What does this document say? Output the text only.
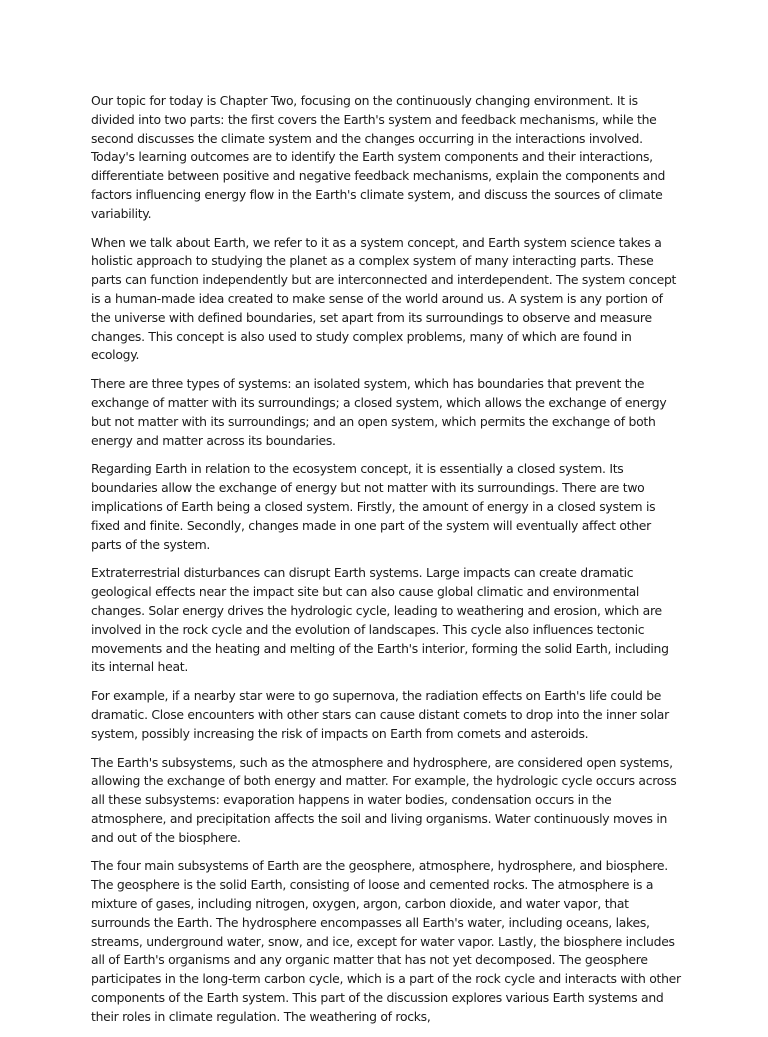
Our topic for today is Chapter Two, focusing on the continuously changing environment. It is divided into two parts: the first covers the Earth's system and feedback mechanisms, while the second discusses the climate system and the changes occurring in the interactions involved. Today's learning outcomes are to identify the Earth system components and their interactions, differentiate between positive and negative feedback mechanisms, explain the components and factors influencing energy flow in the Earth's climate system, and discuss the sources of climate variability.

When we talk about Earth, we refer to it as a system concept, and Earth system science takes a holistic approach to studying the planet as a complex system of many interacting parts. These parts can function independently but are interconnected and interdependent. The system concept is a human-made idea created to make sense of the world around us. A system is any portion of the universe with defined boundaries, set apart from its surroundings to observe and measure changes. This concept is also used to study complex problems, many of which are found in ecology.

There are three types of systems: an isolated system, which has boundaries that prevent the exchange of matter with its surroundings; a closed system, which allows the exchange of energy but not matter with its surroundings; and an open system, which permits the exchange of both energy and matter across its boundaries.

Regarding Earth in relation to the ecosystem concept, it is essentially a closed system. Its boundaries allow the exchange of energy but not matter with its surroundings. There are two implications of Earth being a closed system. Firstly, the amount of energy in a closed system is fixed and finite. Secondly, changes made in one part of the system will eventually affect other parts of the system.

Extraterrestrial disturbances can disrupt Earth systems. Large impacts can create dramatic geological effects near the impact site but can also cause global climatic and environmental changes. Solar energy drives the hydrologic cycle, leading to weathering and erosion, which are involved in the rock cycle and the evolution of landscapes. This cycle also influences tectonic movements and the heating and melting of the Earth's interior, forming the solid Earth, including its internal heat.

For example, if a nearby star were to go supernova, the radiation effects on Earth's life could be dramatic. Close encounters with other stars can cause distant comets to drop into the inner solar system, possibly increasing the risk of impacts on Earth from comets and asteroids.

The Earth's subsystems, such as the atmosphere and hydrosphere, are considered open systems, allowing the exchange of both energy and matter. For example, the hydrologic cycle occurs across all these subsystems: evaporation happens in water bodies, condensation occurs in the atmosphere, and precipitation affects the soil and living organisms. Water continuously moves in and out of the biosphere.

The four main subsystems of Earth are the geosphere, atmosphere, hydrosphere, and biosphere. The geosphere is the solid Earth, consisting of loose and cemented rocks. The atmosphere is a mixture of gases, including nitrogen, oxygen, argon, carbon dioxide, and water vapor, that surrounds the Earth. The hydrosphere encompasses all Earth's water, including oceans, lakes, streams, underground water, snow, and ice, except for water vapor. Lastly, the biosphere includes all of Earth's organisms and any organic matter that has not yet decomposed. The geosphere participates in the long-term carbon cycle, which is a part of the rock cycle and interacts with other components of the Earth system. This part of the discussion explores various Earth systems and their roles in climate regulation. The weathering of rocks,
